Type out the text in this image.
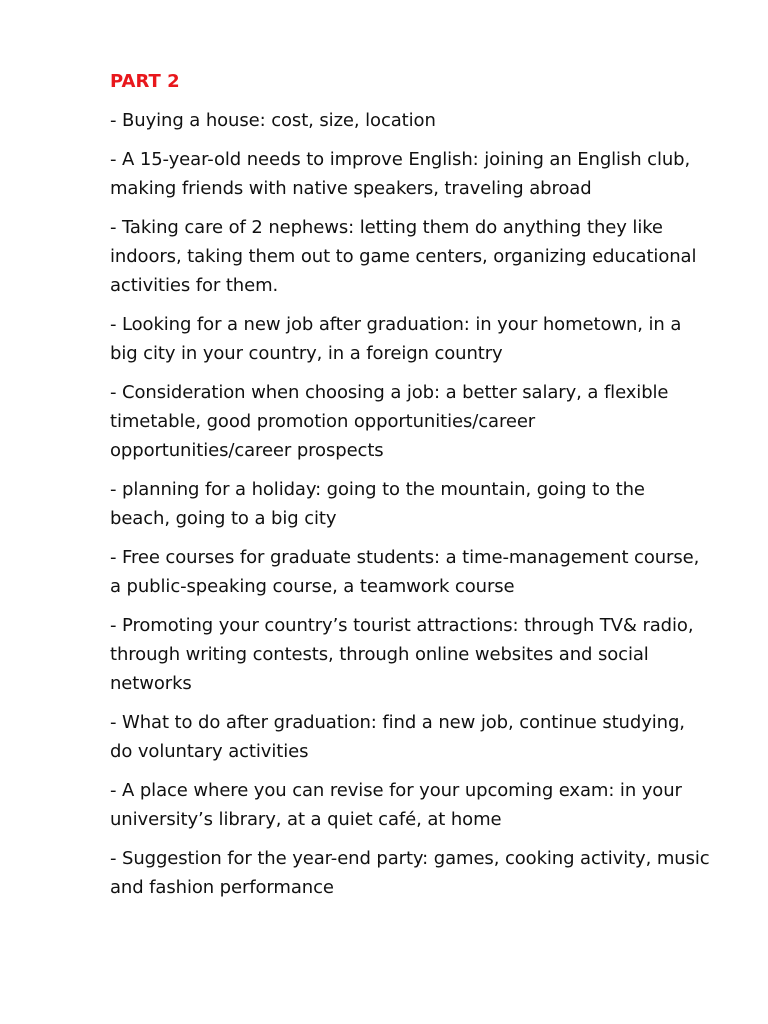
PART 2

- Buying a house: cost, size, location

- A 15-year-old needs to improve English: joining an English club, making friends with native speakers, traveling abroad

- Taking care of 2 nephews: letting them do anything they like indoors, taking them out to game centers, organizing educational activities for them.

- Looking for a new job after graduation: in your hometown, in a big city in your country, in a foreign country

- Consideration when choosing a job: a better salary, a flexible timetable, good promotion opportunities/career opportunities/career prospects

- planning for a holiday: going to the mountain, going to the beach, going to a big city

- Free courses for graduate students: a time-management course, a public-speaking course, a teamwork course

- Promoting your country’s tourist attractions: through TV& radio, through writing contests, through online websites and social networks

- What to do after graduation: find a new job, continue studying, do voluntary activities

- A place where you can revise for your upcoming exam: in your university’s library, at a quiet café, at home

- Suggestion for the year-end party: games, cooking activity, music and fashion performance
